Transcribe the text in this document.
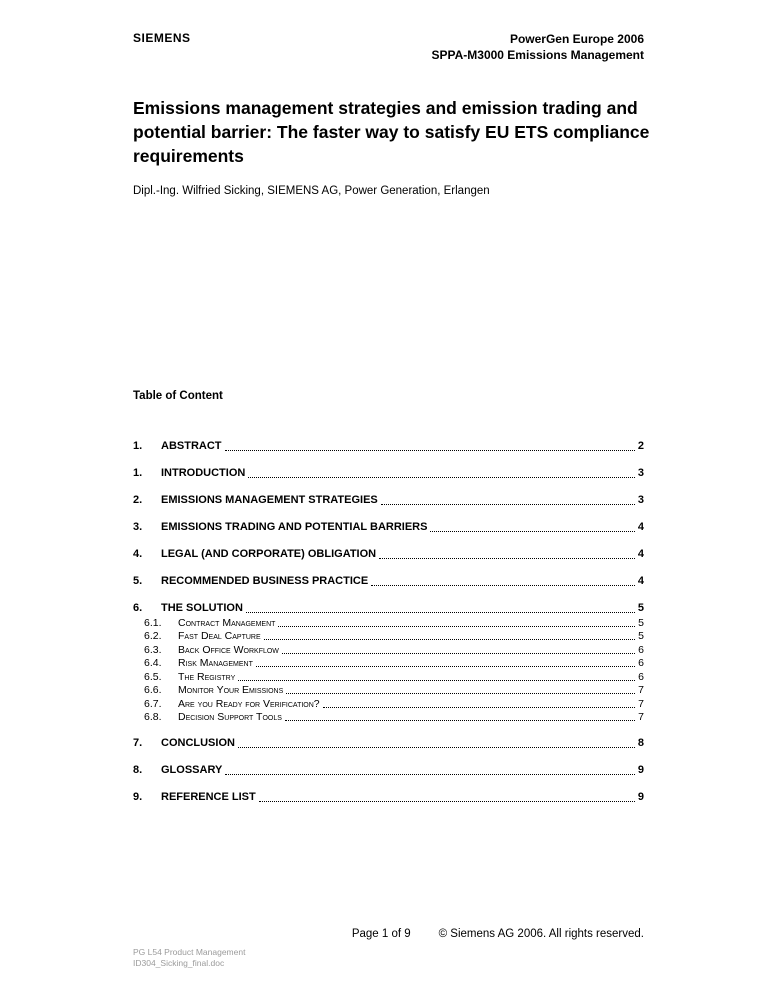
SIEMENS	PowerGen Europe 2006
SPPA-M3000 Emissions Management
Emissions management strategies and emission trading and potential barrier: The faster way to satisfy EU ETS compliance requirements

Dipl.-Ing. Wilfried Sicking, SIEMENS AG, Power Generation, Erlangen

Table of Content
1.	ABSTRACT	2
1.	INTRODUCTION	3
2.	EMISSIONS MANAGEMENT STRATEGIES	3
3.	EMISSIONS TRADING AND POTENTIAL BARRIERS	4
4.	LEGAL (AND CORPORATE) OBLIGATION	4
5.	RECOMMENDED BUSINESS PRACTICE	4
6.	THE SOLUTION	5
6.1.	Contract Management	5
6.2.	Fast Deal Capture	5
6.3.	Back Office Workflow	6
6.4.	Risk Management	6
6.5.	The Registry	6
6.6.	Monitor Your Emissions	7
6.7.	Are you Ready for Verification?	7
6.8.	Decision Support Tools	7
7.	CONCLUSION	8
8.	GLOSSARY	9
9.	REFERENCE LIST	9
Page 1 of 9 © Siemens AG 2006. All rights reserved.
PG L54 Product Management
ID304_Sicking_final.doc
